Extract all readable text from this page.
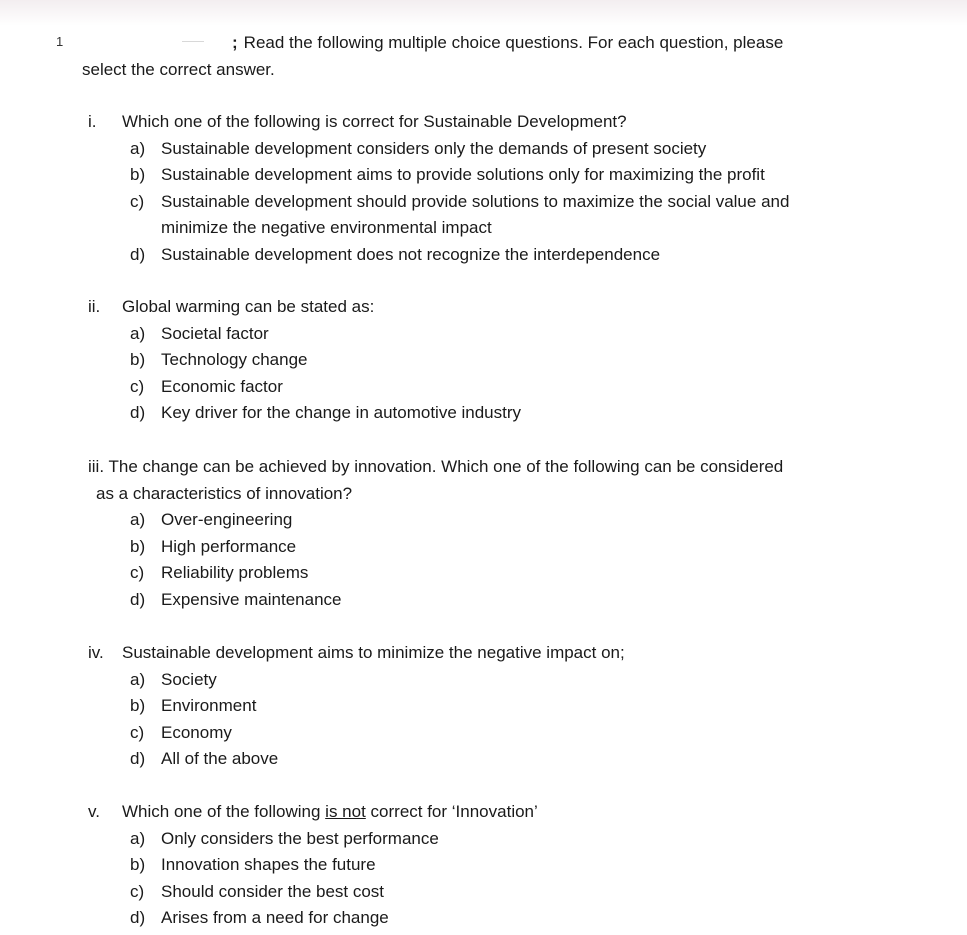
1	; Read the following multiple choice questions. For each question, please
select the correct answer.
i. Which one of the following is correct for Sustainable Development?
a) Sustainable development considers only the demands of present society
b) Sustainable development aims to provide solutions only for maximizing the profit
c) Sustainable development should provide solutions to maximize the social value and
minimize the negative environmental impact
d) Sustainable development does not recognize the interdependence
ii. Global warming can be stated as:
a) Societal factor
b) Technology change
c) Economic factor
d) Key driver for the change in automotive industry
iii. The change can be achieved by innovation. Which one of the following can be considered
as a characteristics of innovation?
a) Over-engineering
b) High performance
c) Reliability problems
d) Expensive maintenance
iv. Sustainable development aims to minimize the negative impact on;
a) Society
b) Environment
c) Economy
d) All of the above
v. Which one of the following is not correct for ‘Innovation’
a) Only considers the best performance
b) Innovation shapes the future
c) Should consider the best cost
d) Arises from a need for change
